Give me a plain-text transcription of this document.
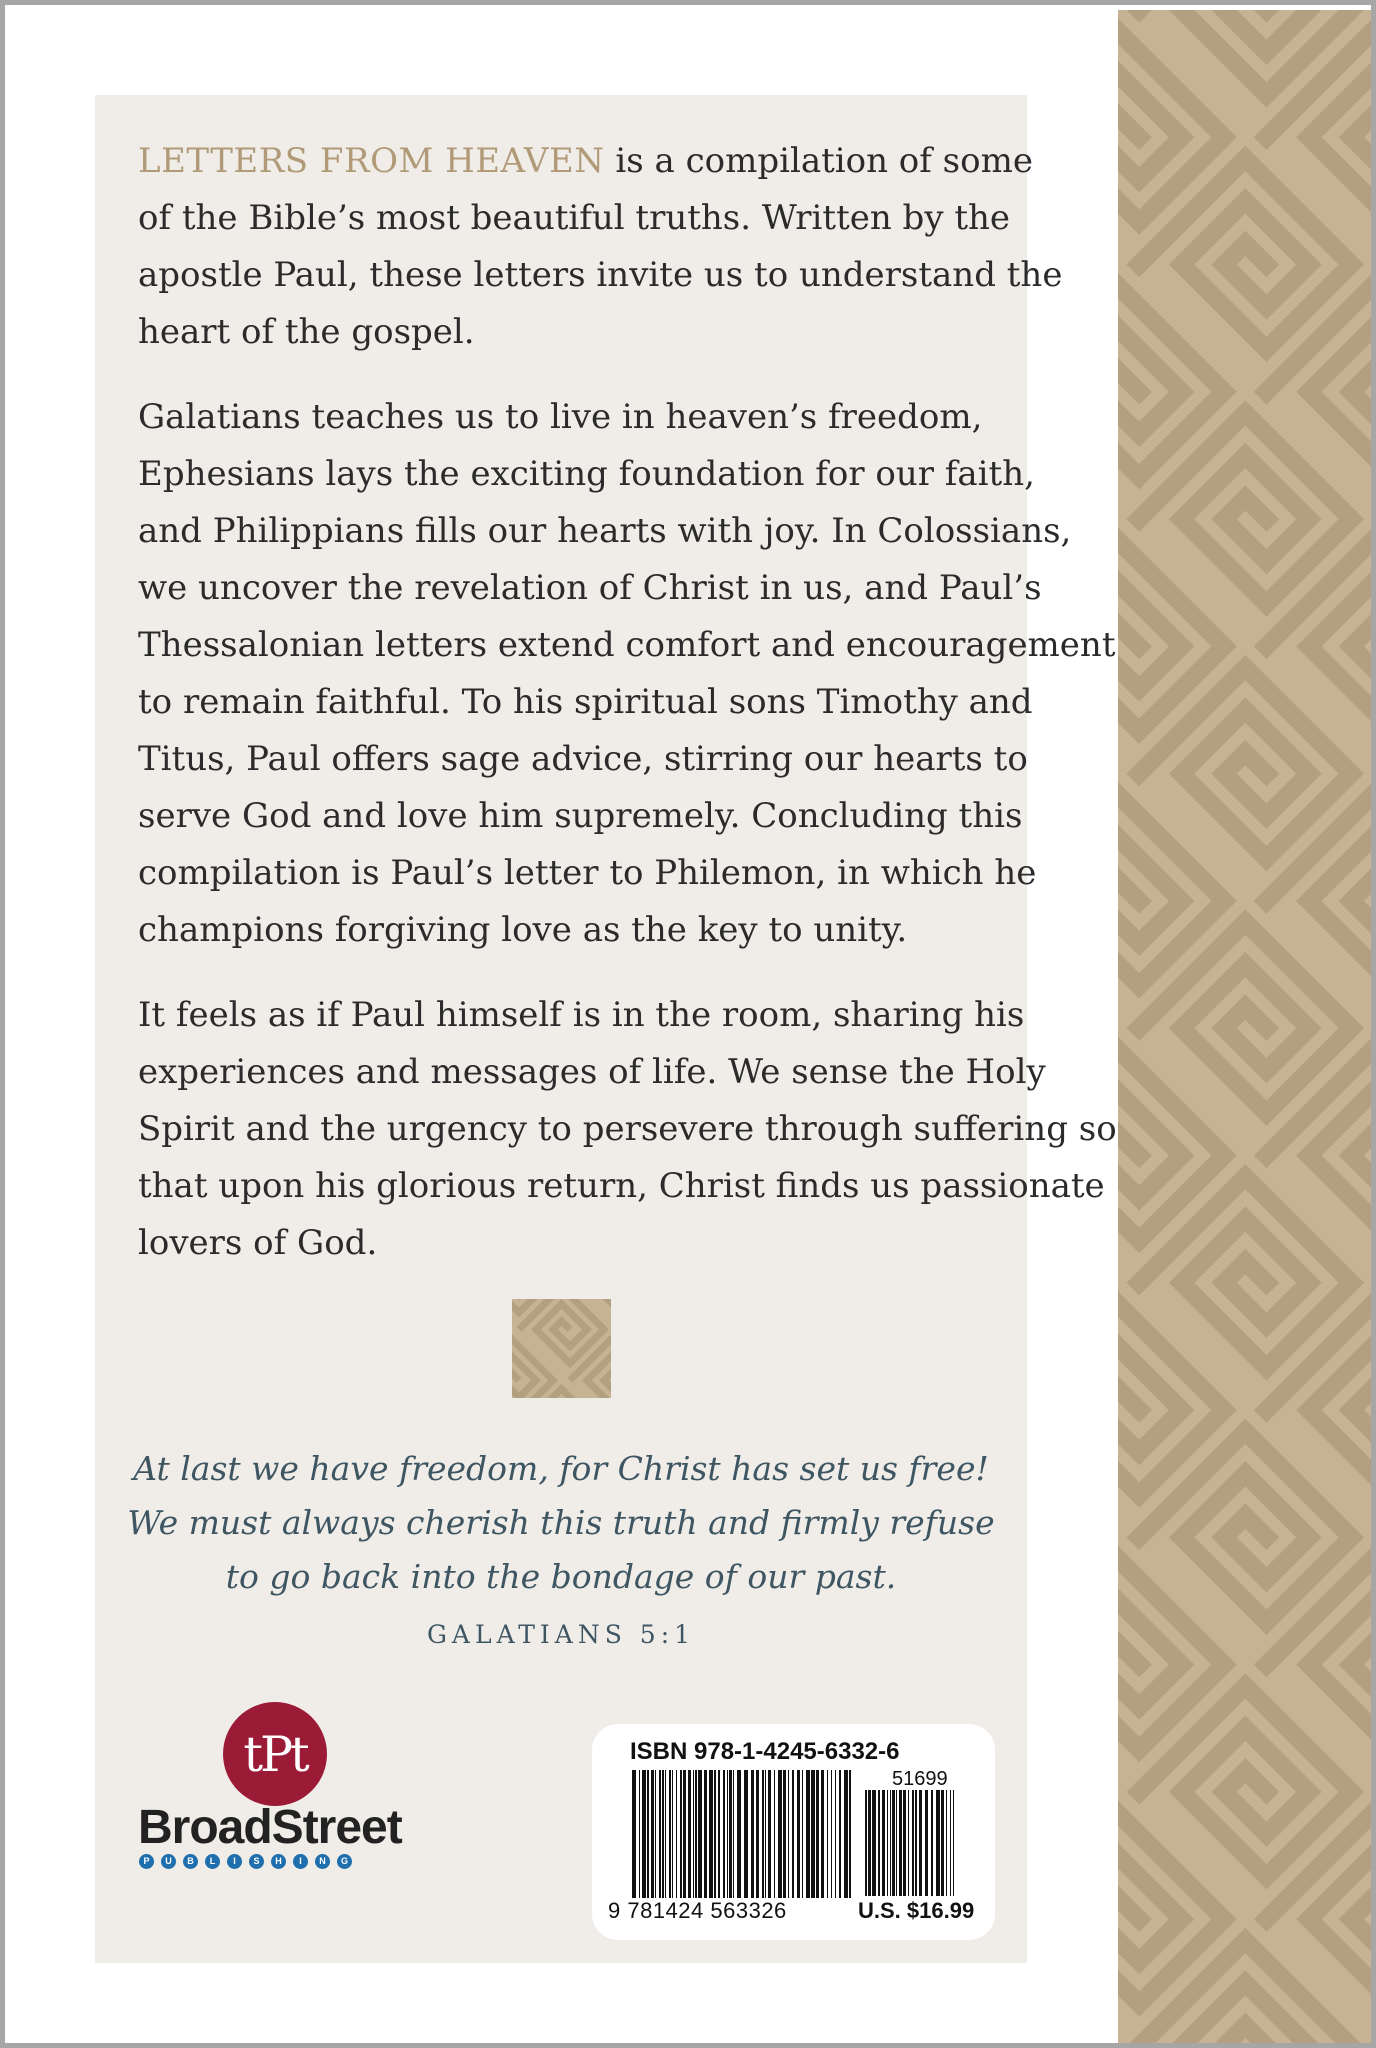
LETTERS FROM HEAVEN is a compilation of some

of the Bible’s most beautiful truths. Written by the

apostle Paul, these letters invite us to understand the

heart of the gospel.

Galatians teaches us to live in heaven’s freedom,

Ephesians lays the exciting foundation for our faith,

and Philippians fills our hearts with joy. In Colossians,

we uncover the revelation of Christ in us, and Paul’s

Thessalonian letters extend comfort and encouragement

to remain faithful. To his spiritual sons Timothy and

Titus, Paul offers sage advice, stirring our hearts to

serve God and love him supremely. Concluding this

compilation is Paul’s letter to Philemon, in which he

champions forgiving love as the key to unity.

It feels as if Paul himself is in the room, sharing his

experiences and messages of life. We sense the Holy

Spirit and the urgency to persevere through suffering so

that upon his glorious return, Christ finds us passionate

lovers of God.

At last we have freedom, for Christ has set us free!
We must always cherish this truth and firmly refuse
to go back into the bondage of our past.
GALATIANS 5:1
tPt
BroadStreet
P	U	B	L	I	S	H	I	N	G
ISBN 978-1-4245-6332-6
51699
9 781424 563326	U.S. $16.99
